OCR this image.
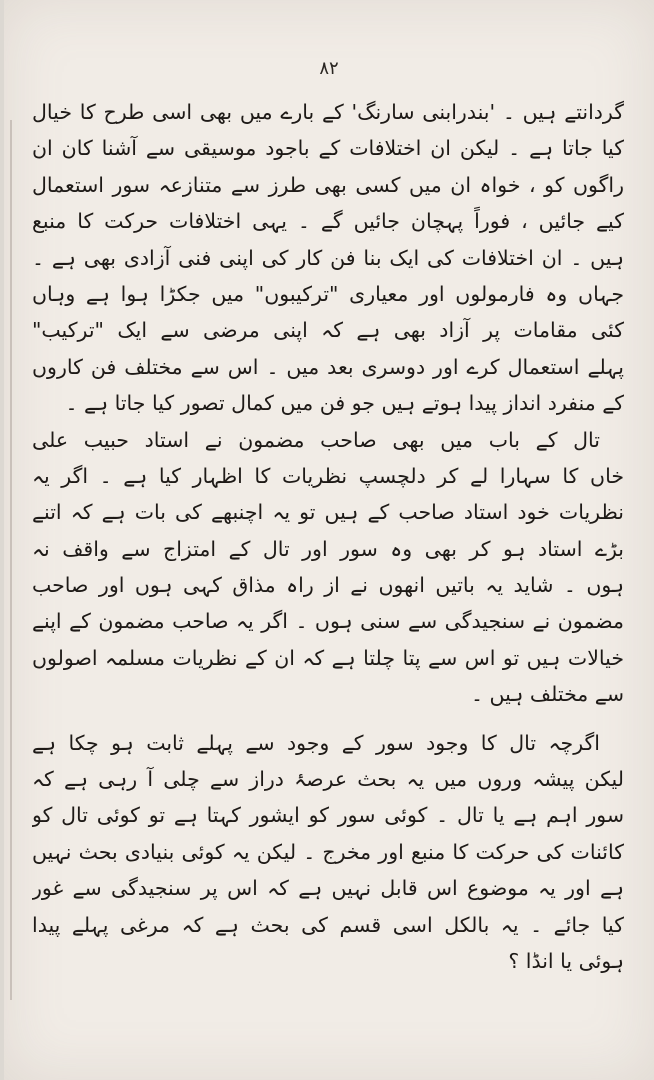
۸۲
گردانتے ہیں ۔ 'بندرابنی سارنگ' کے بارے میں بھی اسی طرح کا خیال
کیا جاتا ہے ۔ لیکن ان اختلافات کے باجود موسیقی سے آشنا کان ان
راگوں کو ، خواہ ان میں کسی بھی طرز سے متنازعہ سور استعمال
کیے جائیں ، فوراً پہچان جائیں گے ۔ یہی اختلافات حرکت کا منبع
ہیں ۔ ان اختلافات کی ایک بنا فن کار کی اپنی فنی آزادی بھی ہے ۔
جہاں وہ فارمولوں اور معیاری "ترکیبوں" میں جکڑا ہوا ہے وہاں
کئی مقامات پر آزاد بھی ہے کہ اپنی مرضی سے ایک "ترکیب"
پہلے استعمال کرے اور دوسری بعد میں ۔ اس سے مختلف فن کاروں
کے منفرد انداز پیدا ہوتے ہیں جو فن میں کمال تصور کیا جاتا ہے ۔
تال کے باب میں بھی صاحب مضمون نے استاد حبیب علی
خاں کا سہارا لے کر دلچسپ نظریات کا اظہار کیا ہے ۔ اگر یہ
نظریات خود استاد صاحب کے ہیں تو یہ اچنبھے کی بات ہے کہ اتنے
بڑے استاد ہو کر بھی وہ سور اور تال کے امتزاج سے واقف نہ
ہوں ۔ شاید یہ باتیں انھوں نے از راہ مذاق کہی ہوں اور صاحب
مضمون نے سنجیدگی سے سنی ہوں ۔ اگر یہ صاحب مضمون کے اپنے
خیالات ہیں تو اس سے پتا چلتا ہے کہ ان کے نظریات مسلمہ اصولوں
سے مختلف ہیں ۔
اگرچہ تال کا وجود سور کے وجود سے پہلے ثابت ہو چکا ہے
لیکن پیشہ وروں میں یہ بحث عرصۂ دراز سے چلی آ رہی ہے کہ
سور اہم ہے یا تال ۔ کوئی سور کو ایشور کہتا ہے تو کوئی تال کو
کائنات کی حرکت کا منبع اور مخرج ۔ لیکن یہ کوئی بنیادی بحث نہیں
ہے اور یہ موضوع اس قابل نہیں ہے کہ اس پر سنجیدگی سے غور
کیا جائے ۔ یہ بالکل اسی قسم کی بحث ہے کہ مرغی پہلے پیدا
ہوئی یا انڈا ؟
